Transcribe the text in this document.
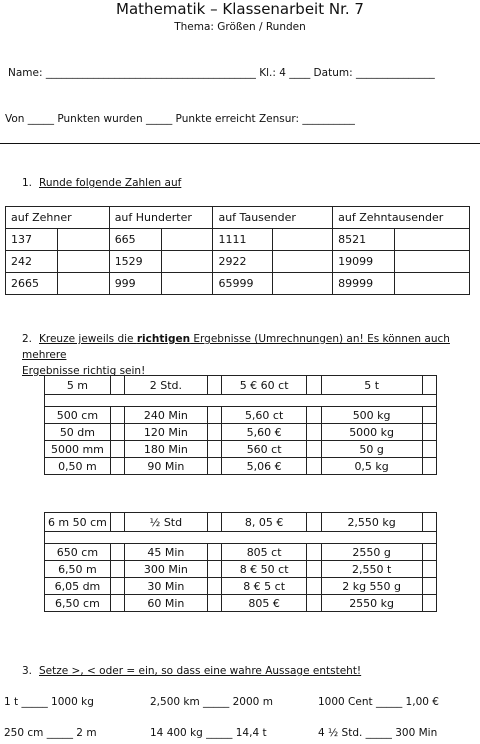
Mathematik – Klassenarbeit Nr. 7
Thema: Größen / Runden
Name: ________________________________________ Kl.: 4 ____ Datum: _______________
Von _____ Punkten wurden _____ Punkte erreicht Zensur: __________
1. Runde folgende Zahlen auf
auf Zehner		auf Hunderter		auf Tausender		auf Zehntausender	
137		665		1111		8521	
242		1529		2922		19099	
2665		999		65999		89999	
2. Kreuze jeweils die richtigen Ergebnisse (Umrechnungen) an! Es können auch mehrere
Ergebnisse richtig sein!
5 m		2 Std.		5 € 60 ct		5 t	

500 cm		240 Min		5,60 ct		500 kg	
50 dm		120 Min		5,60 €		5000 kg	
5000 mm		180 Min		560 ct		50 g	
0,50 m		90 Min		5,06 €		0,5 kg	
6 m 50 cm		½ Std		8, 05 €		2,550 kg	

650 cm		45 Min		805 ct		2550 g	
6,50 m		300 Min		8 € 50 ct		2,550 t	
6,05 dm		30 Min		8 € 5 ct		2 kg 550 g	
6,50 cm		60 Min		805 €		2550 kg	
3. Setze >, < oder = ein, so dass eine wahre Aussage entsteht!
1 t _____ 1000 kg	2,500 km _____ 2000 m	1000 Cent _____ 1,00 €
250 cm _____ 2 m	14 400 kg _____ 14,4 t	4 ½ Std. _____ 300 Min
